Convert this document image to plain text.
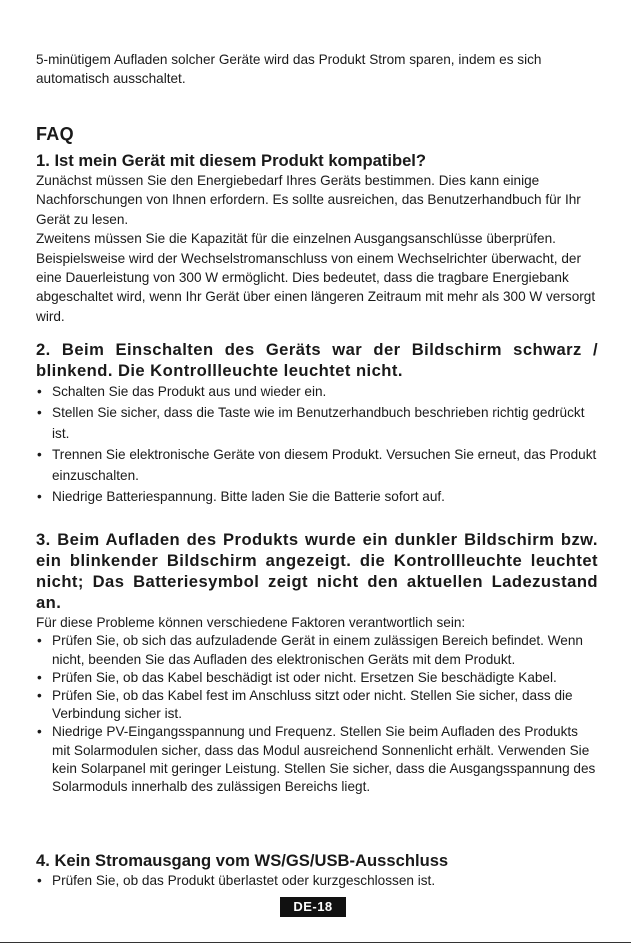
5-minütigem Aufladen solcher Geräte wird das Produkt Strom sparen, indem es sich automatisch ausschaltet.

FAQ
1. Ist mein Gerät mit diesem Produkt kompatibel?

Zunächst müssen Sie den Energiebedarf Ihres Geräts bestimmen. Dies kann einige Nachforschungen von Ihnen erfordern. Es sollte ausreichen, das Benutzerhandbuch für Ihr Gerät zu lesen.

Zweitens müssen Sie die Kapazität für die einzelnen Ausgangsanschlüsse überprüfen. Beispielsweise wird der Wechselstromanschluss von einem Wechselrichter überwacht, der eine Dauerleistung von 300 W ermöglicht. Dies bedeutet, dass die tragbare Energiebank abgeschaltet wird, wenn Ihr Gerät über einen längeren Zeitraum mit mehr als 300 W versorgt wird.

2. Beim Einschalten des Geräts war der Bildschirm schwarz / blinkend. Die Kontrollleuchte leuchtet nicht.
• Schalten Sie das Produkt aus und wieder ein.
• Stellen Sie sicher, dass die Taste wie im Benutzerhandbuch beschrieben richtig gedrückt ist.
• Trennen Sie elektronische Geräte von diesem Produkt. Versuchen Sie erneut, das Produkt einzuschalten.
• Niedrige Batteriespannung. Bitte laden Sie die Batterie sofort auf.
3. Beim Aufladen des Produkts wurde ein dunkler Bildschirm bzw. ein blinkender Bildschirm angezeigt. die Kontrollleuchte leuchtet nicht; Das Batteriesymbol zeigt nicht den aktuellen Ladezustand an.

Für diese Probleme können verschiedene Faktoren verantwortlich sein:

• Prüfen Sie, ob sich das aufzuladende Gerät in einem zulässigen Bereich befindet. Wenn nicht, beenden Sie das Aufladen des elektronischen Geräts mit dem Produkt.
• Prüfen Sie, ob das Kabel beschädigt ist oder nicht. Ersetzen Sie beschädigte Kabel.
• Prüfen Sie, ob das Kabel fest im Anschluss sitzt oder nicht. Stellen Sie sicher, dass die Verbindung sicher ist.
• Niedrige PV-Eingangsspannung und Frequenz. Stellen Sie beim Aufladen des Produkts mit Solarmodulen sicher, dass das Modul ausreichend Sonnenlicht erhält. Verwenden Sie kein Solarpanel mit geringer Leistung. Stellen Sie sicher, dass die Ausgangsspannung des Solarmoduls innerhalb des zulässigen Bereichs liegt.
4. Kein Stromausgang vom WS/GS/USB-Ausschluss
• Prüfen Sie, ob das Produkt überlastet oder kurzgeschlossen ist.
DE-18
